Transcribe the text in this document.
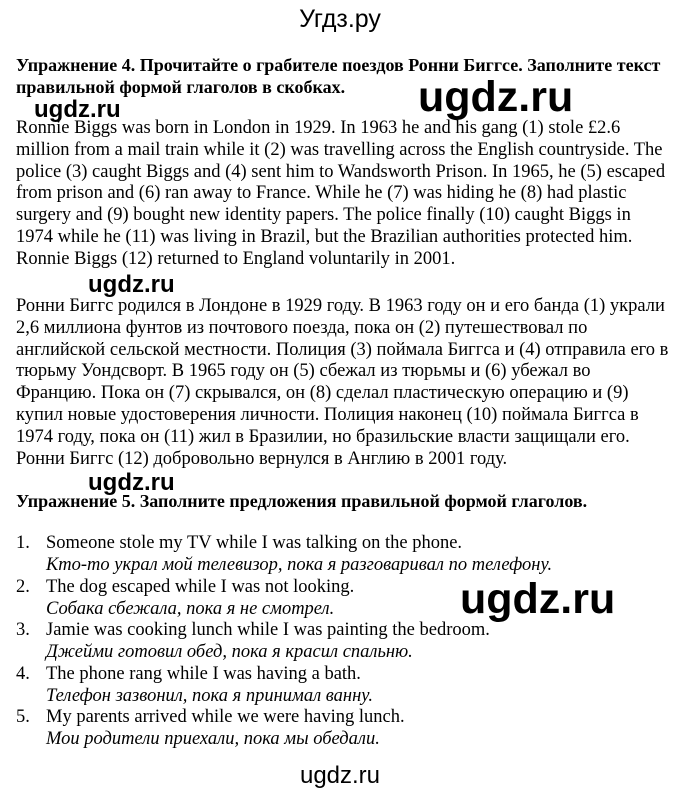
Угдз.ру
Упражнение 4. Прочитайте о грабителе поездов Ронни Биггсе. Заполните текст правильной формой глаголов в скобках.
ugdz.ru	ugdz.ru

Ronnie Biggs was born in London in 1929. In 1963 he and his gang (1) stole £2.6 million from a mail train while it (2) was travelling across the English countryside. The police (3) caught Biggs and (4) sent him to Wandsworth Prison. In 1965, he (5) escaped from prison and (6) ran away to France. While he (7) was hiding he (8) had plastic surgery and (9) bought new identity papers. The police finally (10) caught Biggs in 1974 while he (11) was living in Brazil, but the Brazilian authorities protected him. Ronnie Biggs (12) returned to England voluntarily in 2001.

ugdz.ru

Ронни Биггс родился в Лондоне в 1929 году. В 1963 году он и его банда (1) украли 2,6 миллиона фунтов из почтового поезда, пока он (2) путешествовал по английской сельской местности. Полиция (3) поймала Биггса и (4) отправила его в тюрьму Уондсворт. В 1965 году он (5) сбежал из тюрьмы и (6) убежал во Францию. Пока он (7) скрывался, он (8) сделал пластическую операцию и (9) купил новые удостоверения личности. Полиция наконец (10) поймала Биггса в 1974 году, пока он (11) жил в Бразилии, но бразильские власти защищали его. Ронни Биггс (12) добровольно вернулся в Англию в 2001 году.

ugdz.ru
Упражнение 5. Заполните предложения правильной формой глаголов.
1. Someone stole my TV while I was talking on the phone.
Кто-то украл мой телевизор, пока я разговаривал по телефону.
2. The dog escaped while I was not looking.
Собака сбежала, пока я не смотрел.
3. Jamie was cooking lunch while I was painting the bedroom.
Джейми готовил обед, пока я красил спальню.
4. The phone rang while I was having a bath.
Телефон зазвонил, пока я принимал ванну.
5. My parents arrived while we were having lunch.
Мои родители приехали, пока мы обедали.
ugdz.ru
ugdz.ru
